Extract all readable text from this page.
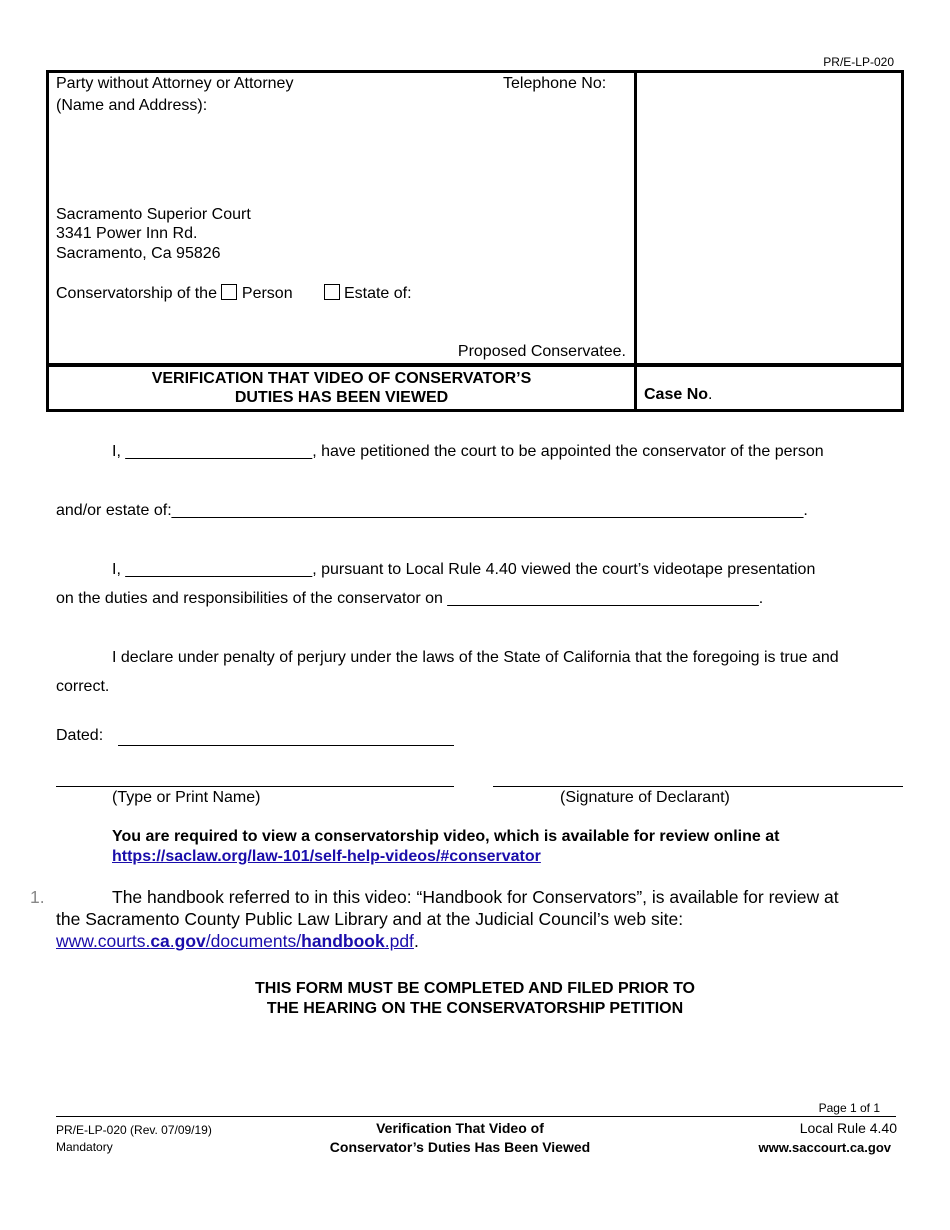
PR/E-LP-020
Party without Attorney or Attorney
(Name and Address):
Telephone No:
Sacramento Superior Court
3341 Power Inn Rd.
Sacramento, Ca 95826
Conservatorship of the Person	Estate of:
Proposed Conservatee.
VERIFICATION THAT VIDEO OF CONSERVATOR’S
DUTIES HAS BEEN VIEWED	Case No.
I, _____________________, have petitioned the court to be appointed the conservator of the person
and/or estate of:_______________________________________________________________________.
I, _____________________, pursuant to Local Rule 4.40 viewed the court’s videotape presentation
on the duties and responsibilities of the conservator on ___________________________________.
I declare under penalty of perjury under the laws of the State of California that the foregoing is true and
correct.
Dated:
(Type or Print Name)	(Signature of Declarant)
You are required to view a conservatorship video, which is available for review online at
https://saclaw.org/law-101/self-help-videos/#conservator
1.	The handbook referred to in this video: “Handbook for Conservators”, is available for review at
the Sacramento County Public Law Library and at the Judicial Council’s web site:
www.courts.ca.gov/documents/handbook.pdf.
THIS FORM MUST BE COMPLETED AND FILED PRIOR TO
THE HEARING ON THE CONSERVATORSHIP PETITION
Page 1 of 1
PR/E-LP-020 (Rev. 07/09/19)
Mandatory
Verification That Video of
Conservator’s Duties Has Been Viewed
Local Rule 4.40
www.saccourt.ca.gov
